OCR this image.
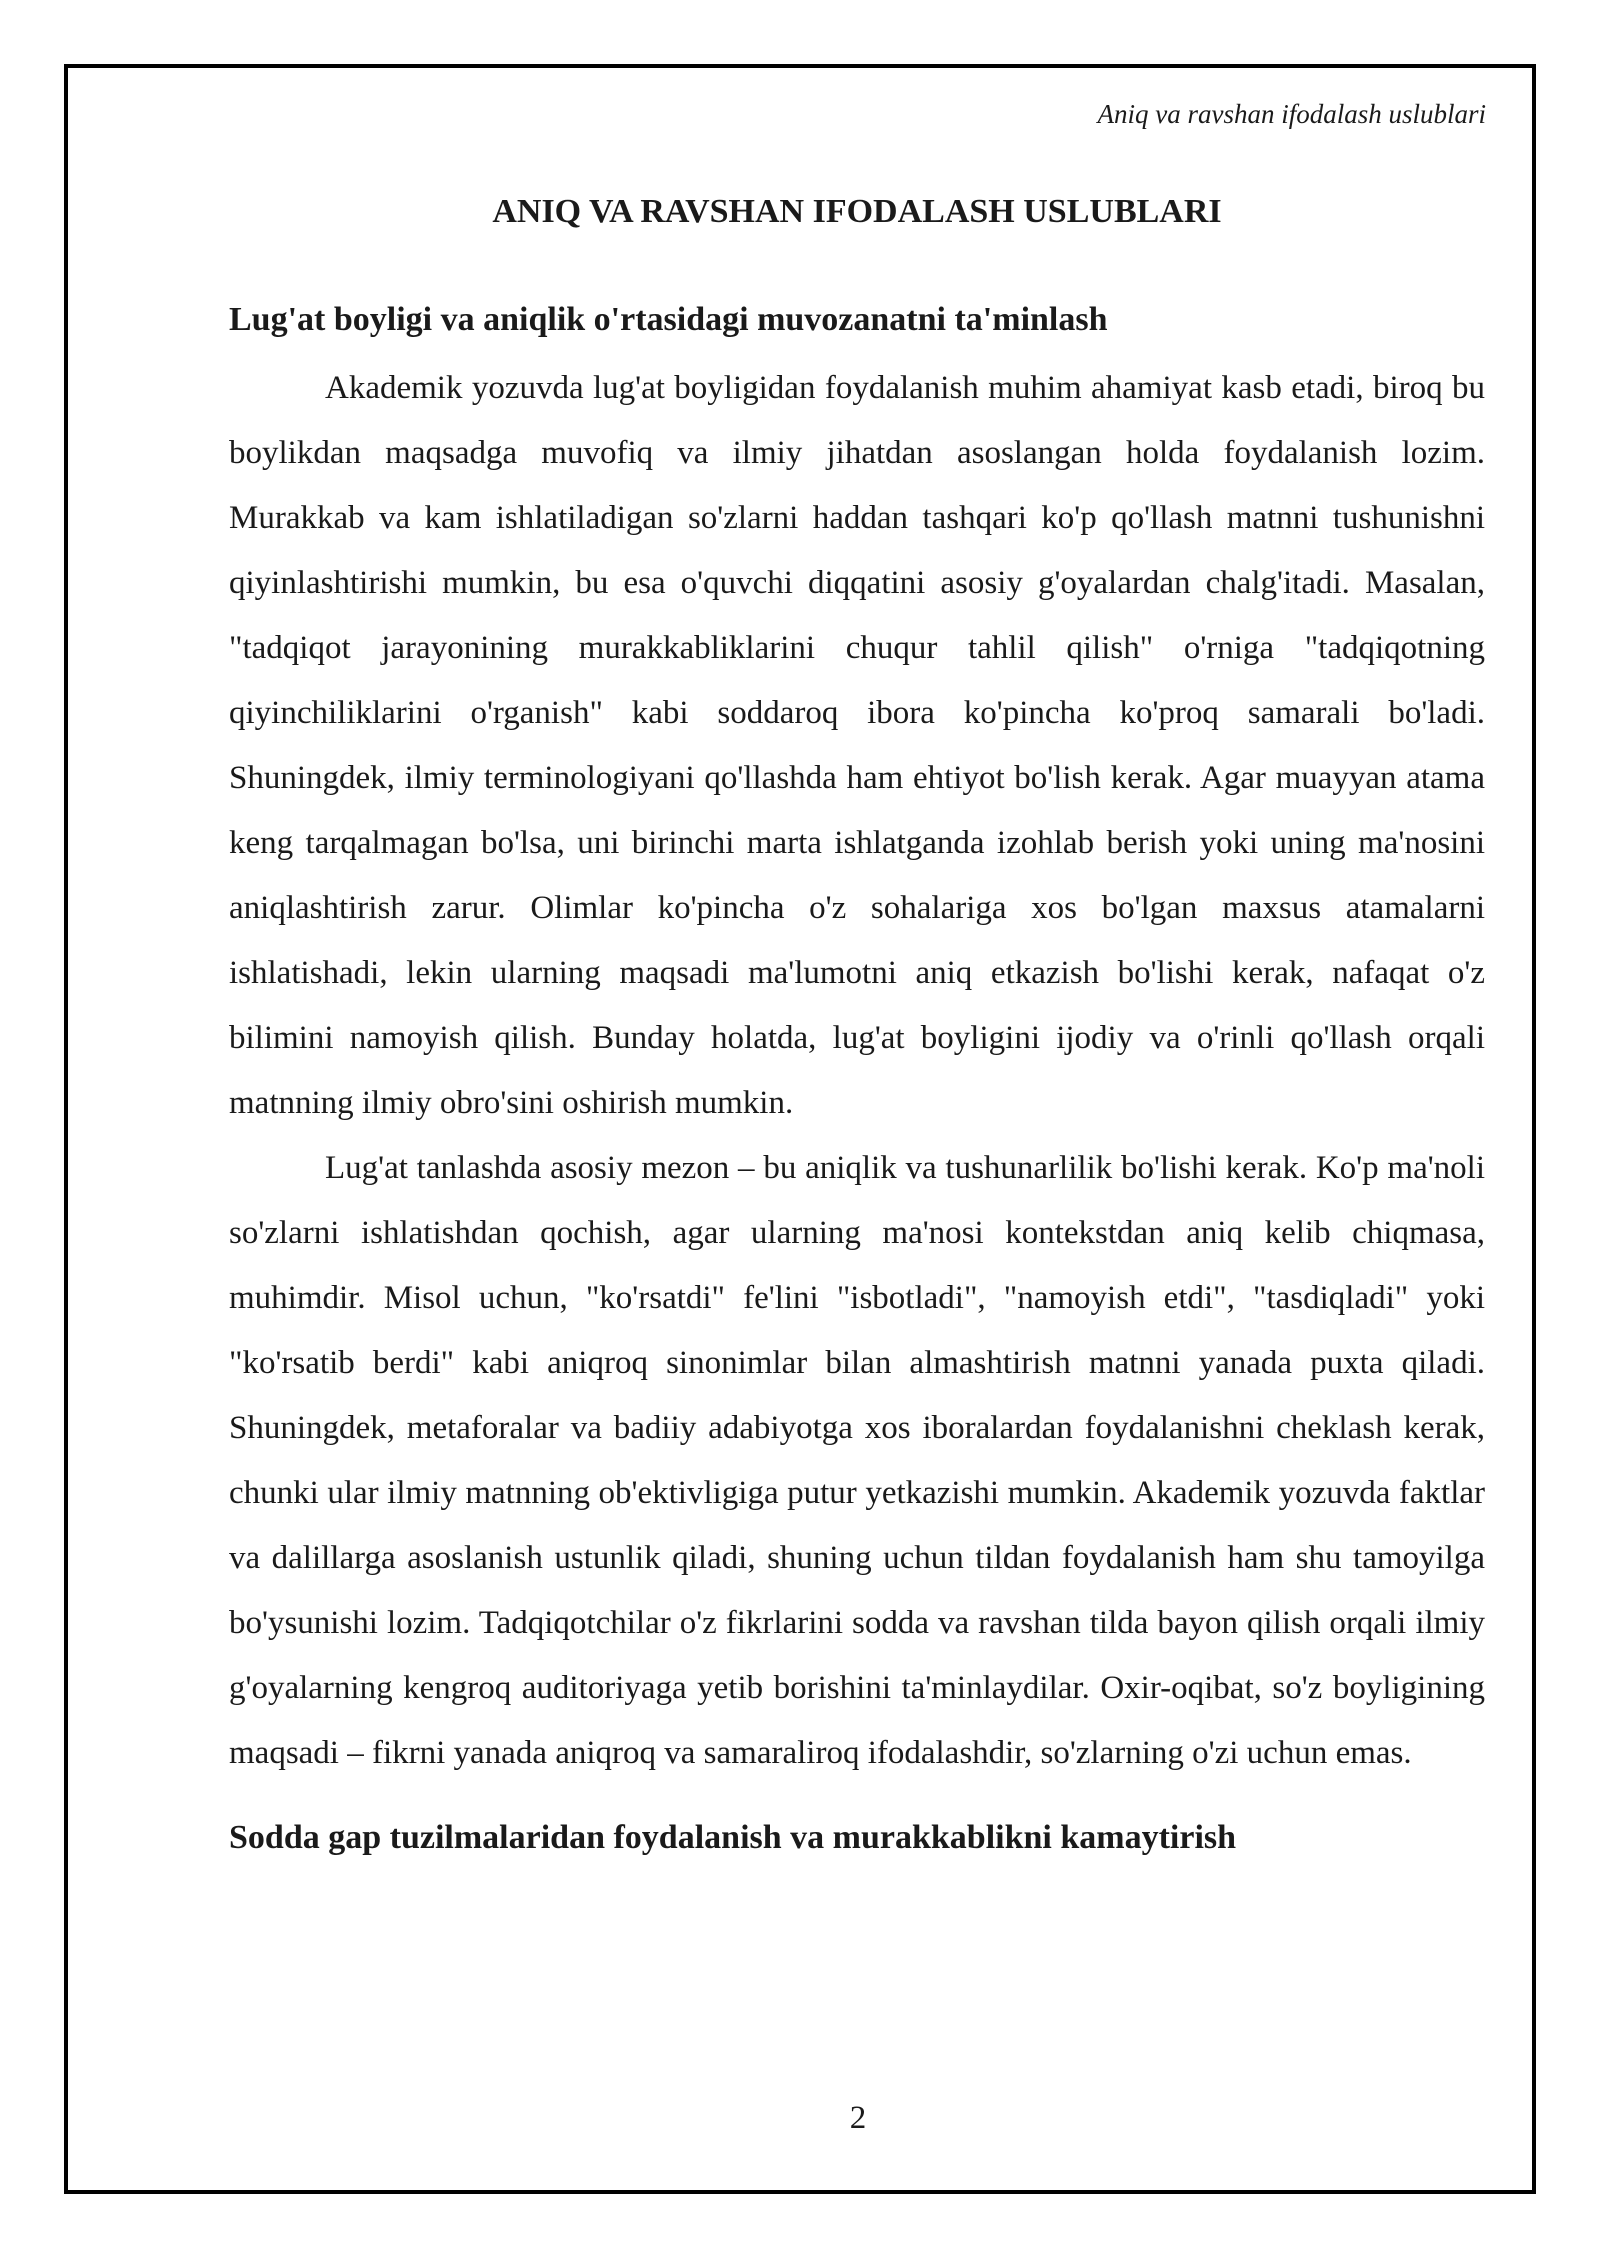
Aniq va ravshan ifodalash uslublari
ANIQ VA RAVSHAN IFODALASH USLUBLARI
Lug'at boyligi va aniqlik o'rtasidagi muvozanatni ta'minlash

Akademik yozuvda lug'at boyligidan foydalanish muhim ahamiyat kasb etadi, biroq bu boylikdan maqsadga muvofiq va ilmiy jihatdan asoslangan holda foydalanish lozim. Murakkab va kam ishlatiladigan so'zlarni haddan tashqari ko'p qo'llash matnni tushunishni qiyinlashtirishi mumkin, bu esa o'quvchi diqqatini asosiy g'oyalardan chalg'itadi. Masalan, "tadqiqot jarayonining murakkabliklarini chuqur tahlil qilish" o'rniga "tadqiqotning qiyinchiliklarini o'rganish" kabi soddaroq ibora ko'pincha ko'proq samarali bo'ladi. Shuningdek, ilmiy terminologiyani qo'llashda ham ehtiyot bo'lish kerak. Agar muayyan atama keng tarqalmagan bo'lsa, uni birinchi marta ishlatganda izohlab berish yoki uning ma'nosini aniqlashtirish zarur. Olimlar ko'pincha o'z sohalariga xos bo'lgan maxsus atamalarni ishlatishadi, lekin ularning maqsadi ma'lumotni aniq etkazish bo'lishi kerak, nafaqat o'z bilimini namoyish qilish. Bunday holatda, lug'at boyligini ijodiy va o'rinli qo'llash orqali matnning ilmiy obro'sini oshirish mumkin.

Lug'at tanlashda asosiy mezon – bu aniqlik va tushunarlilik bo'lishi kerak. Ko'p ma'noli so'zlarni ishlatishdan qochish, agar ularning ma'nosi kontekstdan aniq kelib chiqmasa, muhimdir. Misol uchun, "ko'rsatdi" fe'lini "isbotladi", "namoyish etdi", "tasdiqladi" yoki "ko'rsatib berdi" kabi aniqroq sinonimlar bilan almashtirish matnni yanada puxta qiladi. Shuningdek, metaforalar va badiiy adabiyotga xos iboralardan foydalanishni cheklash kerak, chunki ular ilmiy matnning ob'ektivligiga putur yetkazishi mumkin. Akademik yozuvda faktlar va dalillarga asoslanish ustunlik qiladi, shuning uchun tildan foydalanish ham shu tamoyilga bo'ysunishi lozim. Tadqiqotchilar o'z fikrlarini sodda va ravshan tilda bayon qilish orqali ilmiy g'oyalarning kengroq auditoriyaga yetib borishini ta'minlaydilar. Oxir-oqibat, so'z boyligining maqsadi – fikrni yanada aniqroq va samaraliroq ifodalashdir, so'zlarning o'zi uchun emas.

Sodda gap tuzilmalaridan foydalanish va murakkablikni kamaytirish
2
